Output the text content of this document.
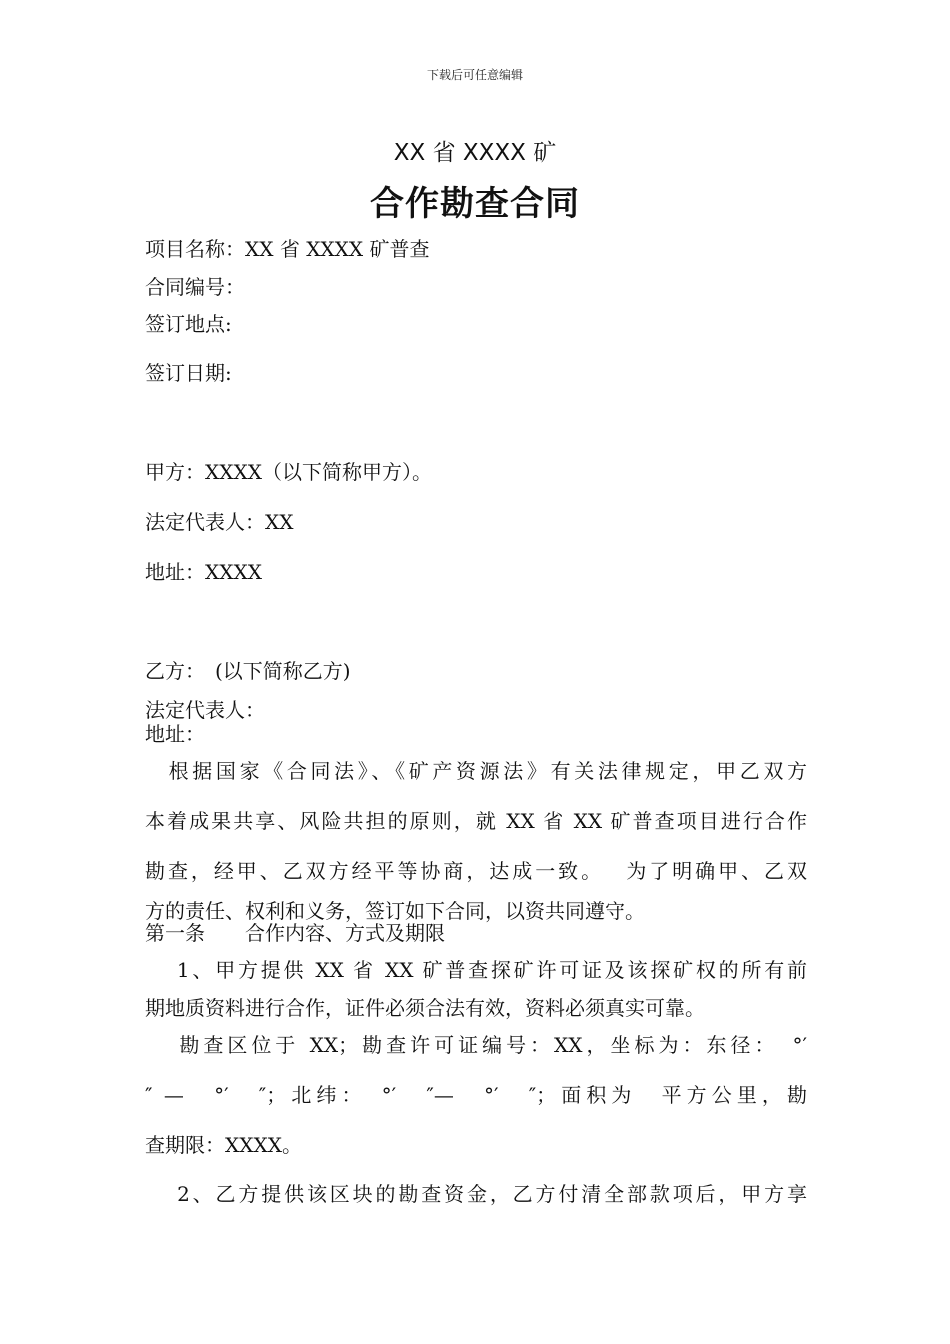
下载后可任意编辑
XX 省 XXXX 矿
合作勘查合同
项目名称：XX 省 XXXX 矿普查
合同编号：
签订地点:
签订日期:
甲方：XXXX（以下简称甲方）。
法定代表人：XX
地址：XXXX
乙方：　(以下简称乙方)
法定代表人：
地址：
　根据国家《合同法》、《矿产资源法》有关法律规定，甲乙双方
本着成果共享、风险共担的原则，就 XX 省 XX 矿普查项目进行合作
勘查，经甲、乙双方经平等协商，达成一致。　 为了明确甲、乙双
方的责任、权利和义务，签订如下合同，以资共同遵守。
第一条　　合作内容、方式及期限
　 1、甲方提供 XX 省 XX 矿普查探矿许可证及该探矿权的所有前
期地质资料进行合作，证件必须合法有效，资料必须真实可靠。
　 勘查区位于 XX；勘查许可证编号：XX，坐标为：东径：　°′
″ —　°′　″；北纬：　°′　″—　°′　″；面积为　平方公里，勘
查期限：XXXX。
　 2、乙方提供该区块的勘查资金，乙方付清全部款项后，甲方享
